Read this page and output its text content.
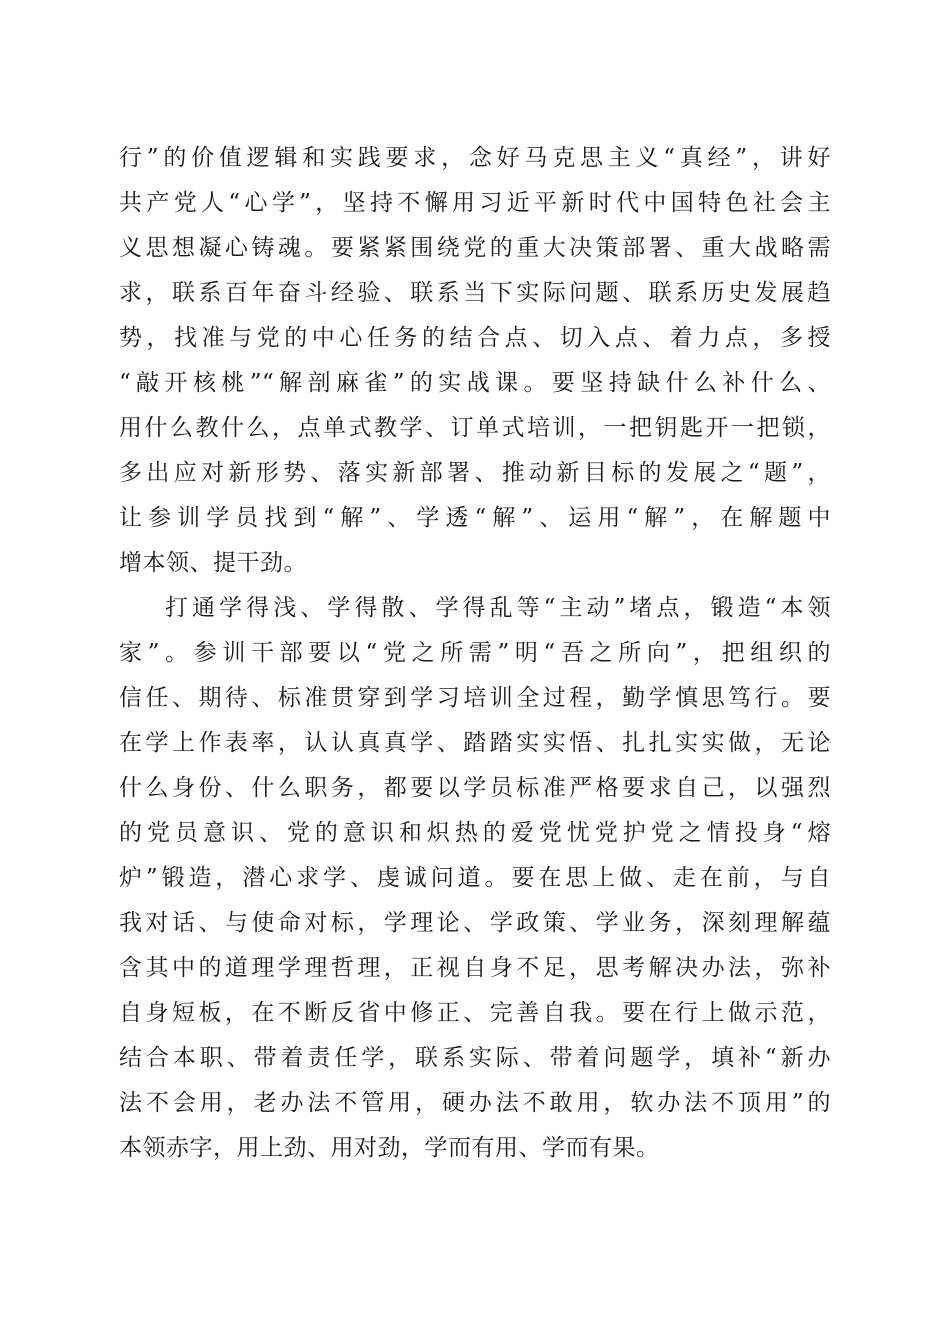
行”的价值逻辑和实践要求，念好马克思主义“真经”，讲好
共产党人“心学”，坚持不懈用习近平新时代中国特色社会主
义思想凝心铸魂。要紧紧围绕党的重大决策部署、重大战略需
求，联系百年奋斗经验、联系当下实际问题、联系历史发展趋
势，找准与党的中心任务的结合点、切入点、着力点，多授
“敲开核桃”“解剖麻雀”的实战课。要坚持缺什么补什么、
用什么教什么，点单式教学、订单式培训，一把钥匙开一把锁，
多出应对新形势、落实新部署、推动新目标的发展之“题”，
让参训学员找到“解”、学透“解”、运用“解”，在解题中
增本领、提干劲。
打通学得浅、学得散、学得乱等“主动”堵点，锻造“本领
家”。参训干部要以“党之所需”明“吾之所向”，把组织的
信任、期待、标准贯穿到学习培训全过程，勤学慎思笃行。要
在学上作表率，认认真真学、踏踏实实悟、扎扎实实做，无论
什么身份、什么职务，都要以学员标准严格要求自己，以强烈
的党员意识、党的意识和炽热的爱党忧党护党之情投身“熔
炉”锻造，潜心求学、虔诚问道。要在思上做、走在前，与自
我对话、与使命对标，学理论、学政策、学业务，深刻理解蕴
含其中的道理学理哲理，正视自身不足，思考解决办法，弥补
自身短板，在不断反省中修正、完善自我。要在行上做示范，
结合本职、带着责任学，联系实际、带着问题学，填补“新办
法不会用，老办法不管用，硬办法不敢用，软办法不顶用”的
本领赤字，用上劲、用对劲，学而有用、学而有果。
